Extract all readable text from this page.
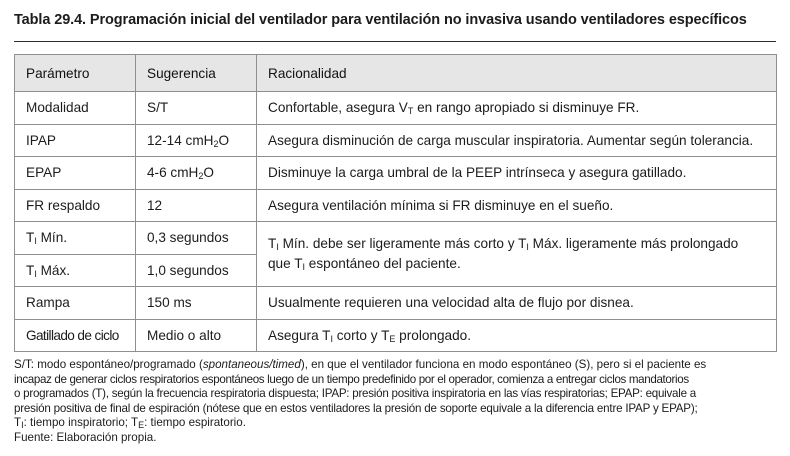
Tabla 29.4. Programación inicial del ventilador para ventilación no invasiva usando ventiladores específicos
Parámetro	Sugerencia	Racionalidad
Modalidad	S/T	Confortable, asegura $V_T$ en rango apropiado si disminuye FR.
IPAP	12-14 cmH$_2$O	Asegura disminución de carga muscular inspiratoria. Aumentar según tolerancia.
EPAP	4-6 cmH$_2$O	Disminuye la carga umbral de la PEEP intrínseca y asegura gatillado.
FR respaldo	12	Asegura ventilación mínima si FR disminuye en el sueño.
$T_I$ Mín.	0,3 segundos	$T_I$ Mín. debe ser ligeramente más corto y $T_I$ Máx. ligeramente más prolongado
que $T_I$ espontáneo del paciente.
$T_I$ Máx.	1,0 segundos	
Rampa	150 ms	Usualmente requieren una velocidad alta de flujo por disnea.
Gatillado de ciclo	Medio o alto	Asegura $T_I$ corto y $T_E$ prolongado.
S/T: modo espontáneo/programado (spontaneous/timed), en que el ventilador funciona en modo espontáneo (S), pero si el paciente es
incapaz de generar ciclos respiratorios espontáneos luego de un tiempo predefinido por el operador, comienza a entregar ciclos mandatorios
o programados (T), según la frecuencia respiratoria dispuesta; IPAP: presión positiva inspiratoria en las vías respiratorias; EPAP: equivale a
presión positiva de final de espiración (nótese que en estos ventiladores la presión de soporte equivale a la diferencia entre IPAP y EPAP);
$T_I$: tiempo inspiratorio; $T_E$: tiempo espiratorio.
Fuente: Elaboración propia.
